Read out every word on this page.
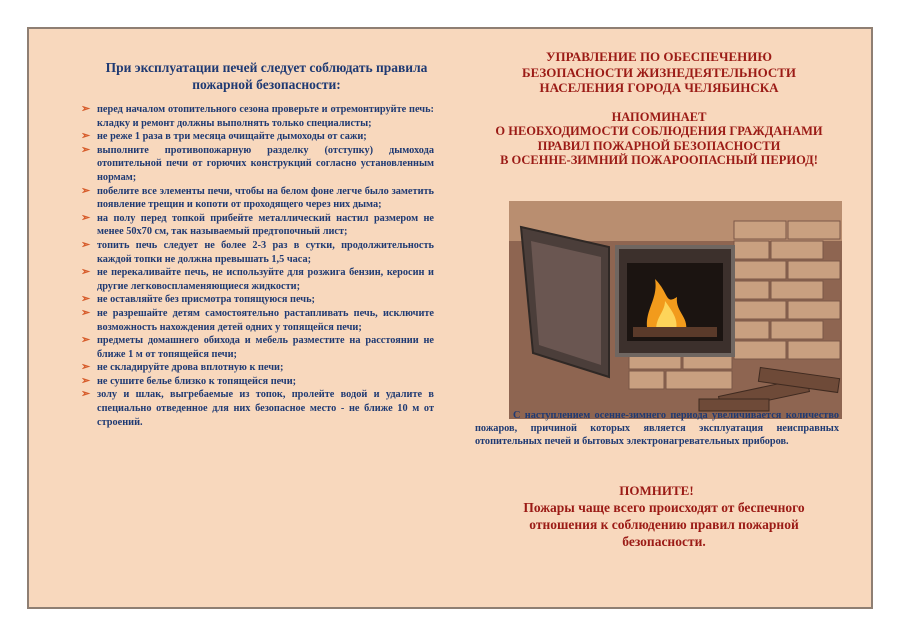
При эксплуатации печей следует соблюдать правила пожарной безопасности:

➢ перед началом отопительного сезона проверьте и отремонтируйте печь: кладку и ремонт должны выполнять только специалисты;
➢ не реже 1 раза в три месяца очищайте дымоходы от сажи;
➢ выполните противопожарную разделку (отступку) дымохода отопительной печи от горючих конструкций согласно установленным нормам;
➢ побелите все элементы печи, чтобы на белом фоне легче было заметить появление трещин и копоти от проходящего через них дыма;
➢ на полу перед топкой прибейте металлический настил размером не менее 50х70 см, так называемый предтопочный лист;
➢ топить печь следует не более 2-3 раз в сутки, продолжительность каждой топки не должна превышать 1,5 часа;
➢ не перекаливайте печь, не используйте для розжига бензин, керосин и другие легковоспламеняющиеся жидкости;
➢ не оставляйте без присмотра топящуюся печь;
➢ не разрешайте детям самостоятельно растапливать печь, исключите возможность нахождения детей одних у топящейся печи;
➢ предметы домашнего обихода и мебель разместите на расстоянии не ближе 1 м от топящейся печи;
➢ не складируйте дрова вплотную к печи;
➢ не сушите белье близко к топящейся печи;
➢ золу и шлак, выгребаемые из топок, пролейте водой и удалите в специально отведенное для них безопасное место - не ближе 10 м от строений.

УПРАВЛЕНИЕ ПО ОБЕСПЕЧЕНИЮ
БЕЗОПАСНОСТИ ЖИЗНЕДЕЯТЕЛЬНОСТИ
НАСЕЛЕНИЯ ГОРОДА ЧЕЛЯБИНСКА

НАПОМИНАЕТ
О НЕОБХОДИМОСТИ СОБЛЮДЕНИЯ ГРАЖДАНАМИ
ПРАВИЛ ПОЖАРНОЙ БЕЗОПАСНОСТИ
В ОСЕННЕ-ЗИМНИЙ ПОЖАРООПАСНЫЙ ПЕРИОД!

С наступлением осенне-зимнего периода увеличивается количество пожаров, причиной которых является эксплуатация неисправных отопительных печей и бытовых электронагревательных приборов.

ПОМНИТЕ!

Пожары чаще всего происходят от беспечного отношения к соблюдению правил пожарной безопасности.
